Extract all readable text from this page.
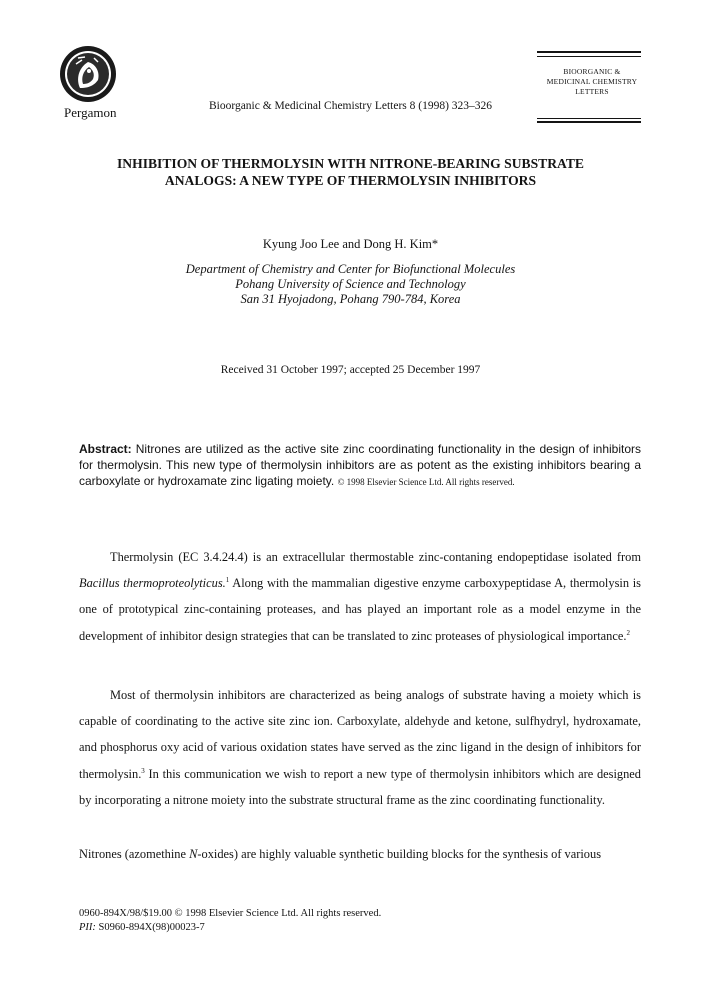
Pergamon	Bioorganic & Medicinal Chemistry Letters 8 (1998) 323–326
BIOORGANIC &
MEDICINAL CHEMISTRY
LETTERS
INHIBITION OF THERMOLYSIN WITH NITRONE-BEARING SUBSTRATE
ANALOGS: A NEW TYPE OF THERMOLYSIN INHIBITORS
Kyung Joo Lee and Dong H. Kim*
Department of Chemistry and Center for Biofunctional Molecules
Pohang University of Science and Technology
San 31 Hyojadong, Pohang 790-784, Korea
Received 31 October 1997; accepted 25 December 1997
Abstract: Nitrones are utilized as the active site zinc coordinating functionality in the design of inhibitors for thermolysin. This new type of thermolysin inhibitors are as potent as the existing inhibitors bearing a carboxylate or hydroxamate zinc ligating moiety. © 1998 Elsevier Science Ltd. All rights reserved.

Thermolysin (EC 3.4.24.4) is an extracellular thermostable zinc-contaning endopeptidase isolated from Bacillus thermoproteolyticus.$^1$ Along with the mammalian digestive enzyme carboxypeptidase A, thermolysin is one of prototypical zinc-containing proteases, and has played an important role as a model enzyme in the development of inhibitor design strategies that can be translated to zinc proteases of physiological importance.$^2$

Most of thermolysin inhibitors are characterized as being analogs of substrate having a moiety which is capable of coordinating to the active site zinc ion. Carboxylate, aldehyde and ketone, sulfhydryl, hydroxamate, and phosphorus oxy acid of various oxidation states have served as the zinc ligand in the design of inhibitors for thermolysin.$^3$ In this communication we wish to report a new type of thermolysin inhibitors which are designed by incorporating a nitrone moiety into the substrate structural frame as the zinc coordinating functionality.

Nitrones (azomethine N-oxides) are highly valuable synthetic building blocks for the synthesis of various

0960-894X/98/$19.00 © 1998 Elsevier Science Ltd. All rights reserved.
PII: S0960-894X(98)00023-7
